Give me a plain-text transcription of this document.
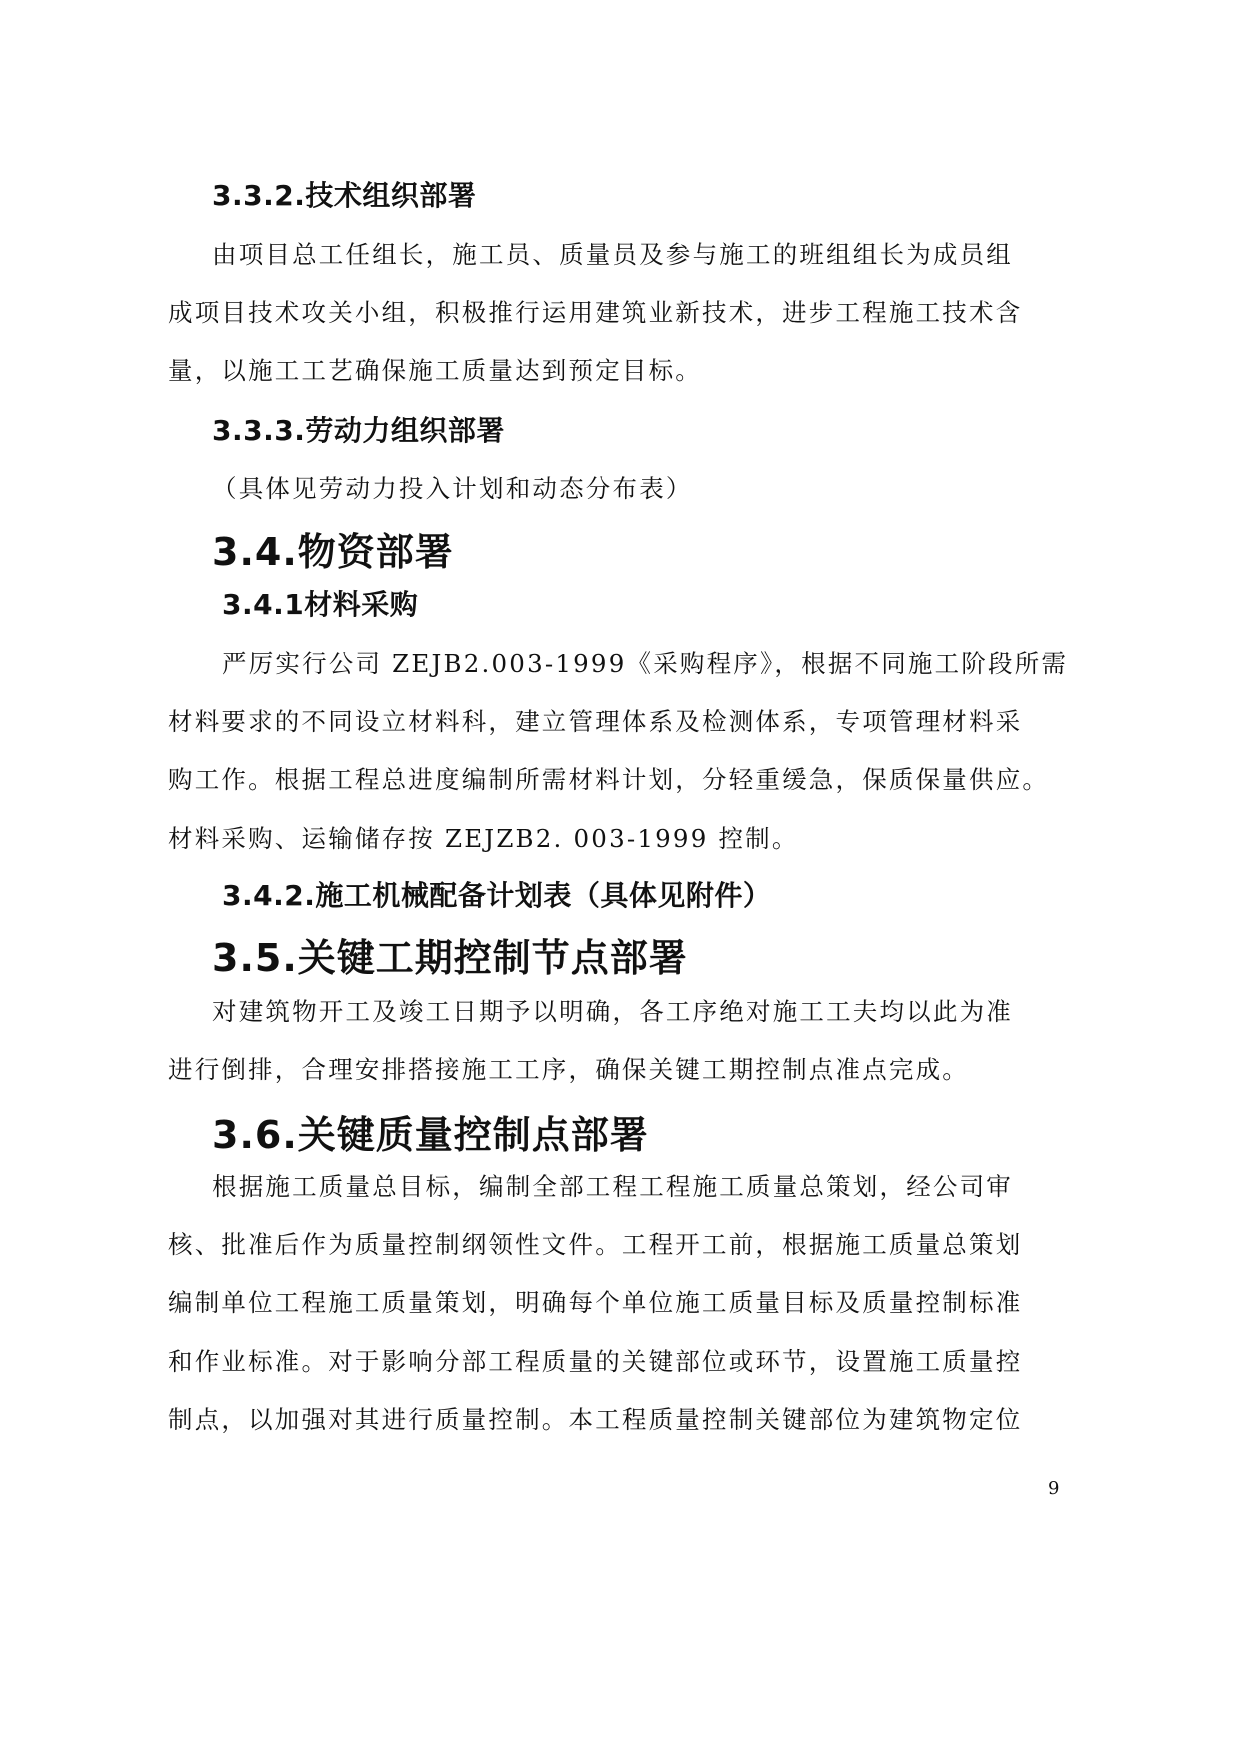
3.3.2.技术组织部署
由项目总工任组长，施工员、质量员及参与施工的班组组长为成员组
成项目技术攻关小组，积极推行运用建筑业新技术，进步工程施工技术含
量，以施工工艺确保施工质量达到预定目标。
3.3.3.劳动力组织部署
（具体见劳动力投入计划和动态分布表）
3.4.物资部署
3.4.1材料采购
严厉实行公司 ZEJB2.003-1999《采购程序》，根据不同施工阶段所需
材料要求的不同设立材料科，建立管理体系及检测体系，专项管理材料采
购工作。根据工程总进度编制所需材料计划，分轻重缓急，保质保量供应。
材料采购、运输储存按 ZEJZB2. 003-1999 控制。
3.4.2.施工机械配备计划表（具体见附件）
3.5.关键工期控制节点部署
对建筑物开工及竣工日期予以明确，各工序绝对施工工夫均以此为准
进行倒排，合理安排搭接施工工序，确保关键工期控制点准点完成。
3.6.关键质量控制点部署
根据施工质量总目标，编制全部工程工程施工质量总策划，经公司审
核、批准后作为质量控制纲领性文件。工程开工前，根据施工质量总策划
编制单位工程施工质量策划，明确每个单位施工质量目标及质量控制标准
和作业标准。对于影响分部工程质量的关键部位或环节，设置施工质量控
制点，以加强对其进行质量控制。本工程质量控制关键部位为建筑物定位
9
